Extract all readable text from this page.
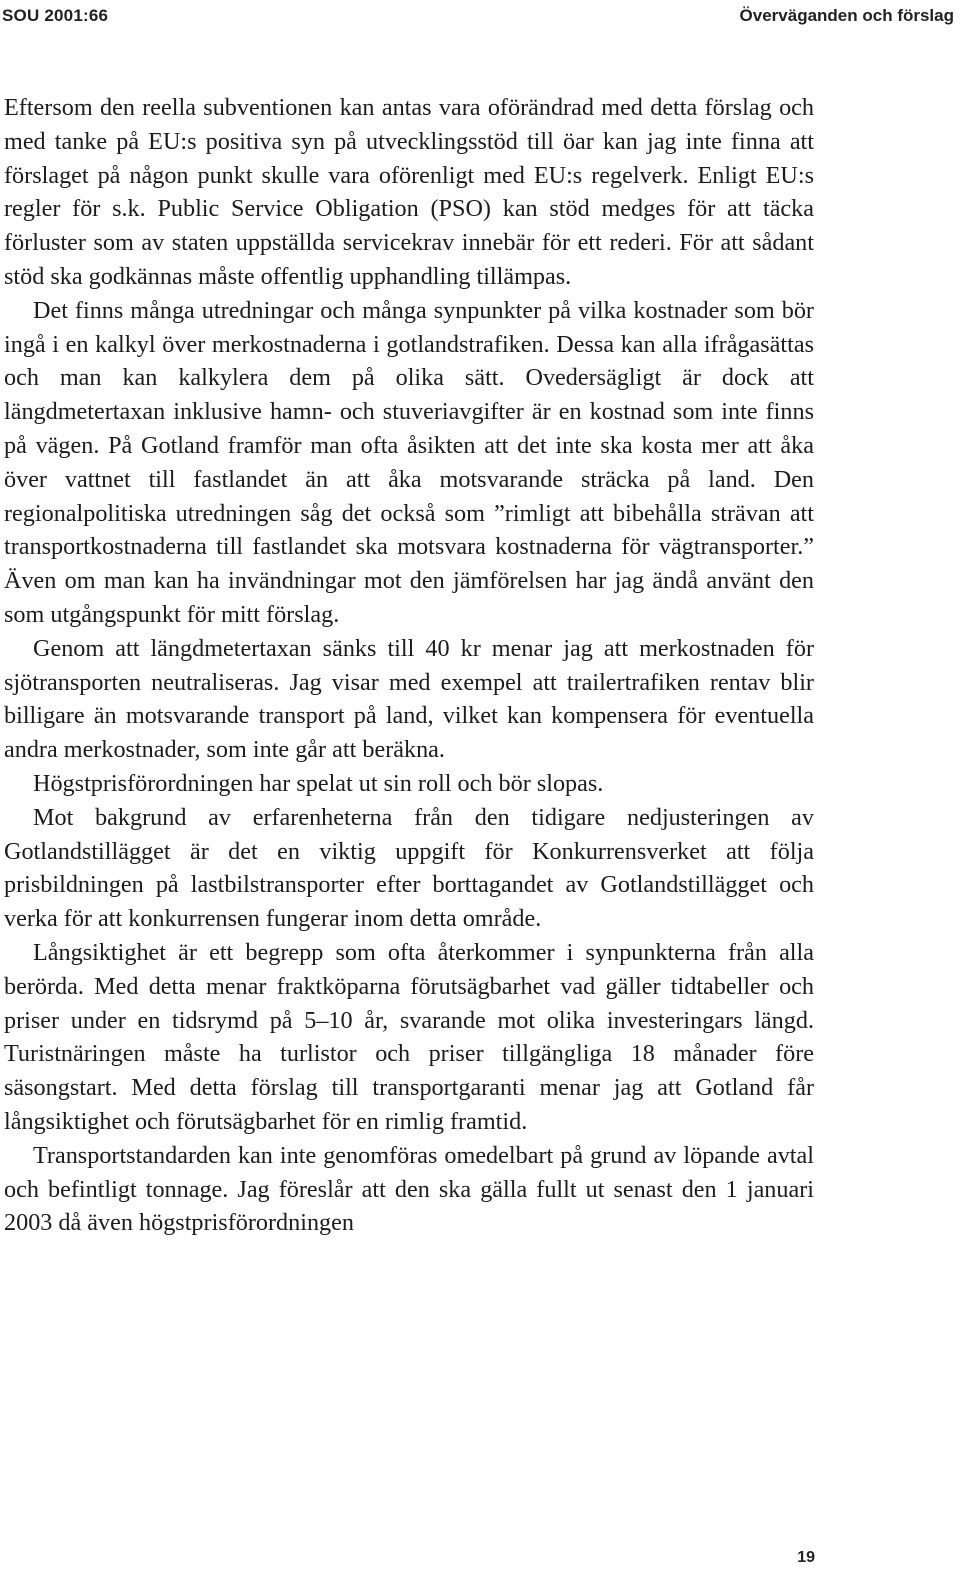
SOU 2001:66	Överväganden och förslag

Eftersom den reella subventionen kan antas vara oförändrad med detta förslag och med tanke på EU:s positiva syn på utvecklingsstöd till öar kan jag inte finna att förslaget på någon punkt skulle vara oförenligt med EU:s regelverk. Enligt EU:s regler för s.k. Public Service Obligation (PSO) kan stöd medges för att täcka förluster som av staten uppställda servicekrav innebär för ett rederi. För att sådant stöd ska godkännas måste offentlig upphandling tillämpas.

Det finns många utredningar och många synpunkter på vilka kostnader som bör ingå i en kalkyl över merkostnaderna i gotlandstrafiken. Dessa kan alla ifrågasättas och man kan kalkylera dem på olika sätt. Ovedersägligt är dock att längdmetertaxan inklusive hamn- och stuveriavgifter är en kostnad som inte finns på vägen. På Gotland framför man ofta åsikten att det inte ska kosta mer att åka över vattnet till fastlandet än att åka motsvarande sträcka på land. Den regionalpolitiska utredningen såg det också som ”rimligt att bibehålla strävan att transportkostnaderna till fastlandet ska motsvara kostnaderna för vägtransporter.” Även om man kan ha invändningar mot den jämförelsen har jag ändå använt den som utgångspunkt för mitt förslag.

Genom att längdmetertaxan sänks till 40 kr menar jag att merkostnaden för sjötransporten neutraliseras. Jag visar med exempel att trailertrafiken rentav blir billigare än motsvarande transport på land, vilket kan kompensera för eventuella andra merkostnader, som inte går att beräkna.

Högstprisförordningen har spelat ut sin roll och bör slopas.

Mot bakgrund av erfarenheterna från den tidigare nedjusteringen av Gotlandstillägget är det en viktig uppgift för Konkurrensverket att följa prisbildningen på lastbilstransporter efter borttagandet av Gotlandstillägget och verka för att konkurrensen fungerar inom detta område.

Långsiktighet är ett begrepp som ofta återkommer i synpunkterna från alla berörda. Med detta menar fraktköparna förutsägbarhet vad gäller tidtabeller och priser under en tidsrymd på 5–10 år, svarande mot olika investeringars längd. Turistnäringen måste ha turlistor och priser tillgängliga 18 månader före säsongstart. Med detta förslag till transportgaranti menar jag att Gotland får långsiktighet och förutsägbarhet för en rimlig framtid.

Transportstandarden kan inte genomföras omedelbart på grund av löpande avtal och befintligt tonnage. Jag föreslår att den ska gälla fullt ut senast den 1 januari 2003 då även högstprisförordningen

19
